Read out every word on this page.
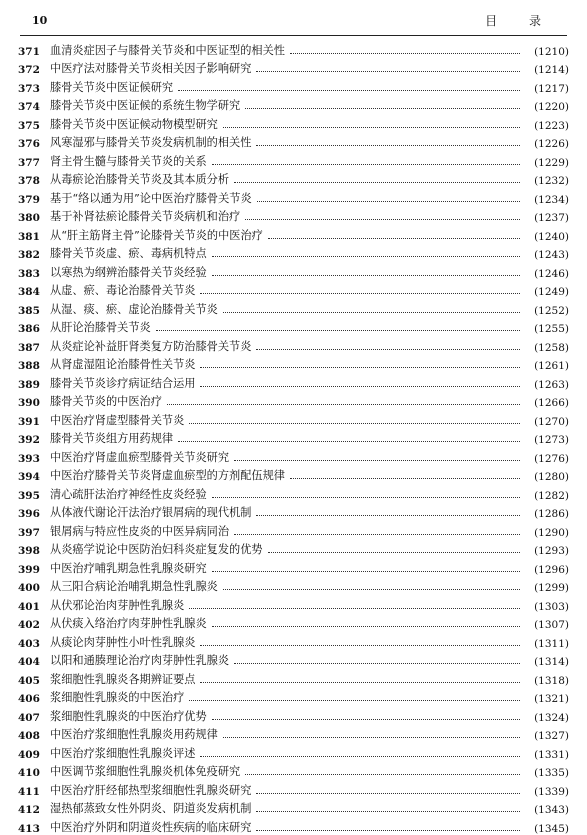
10	目 录
371 血清炎症因子与膝骨关节炎和中医证型的相关性	(1210)
372 中医疗法对膝骨关节炎相关因子影响研究	(1214)
373 膝骨关节炎中医证候研究	(1217)
374 膝骨关节炎中医证候的系统生物学研究	(1220)
375 膝骨关节炎中医证候动物模型研究	(1223)
376 风寒湿邪与膝骨关节炎发病机制的相关性	(1226)
377 肾主骨生髓与膝骨关节炎的关系	(1229)
378 从毒瘀论治膝骨关节炎及其本质分析	(1232)
379 基于“络以通为用”论中医治疗膝骨关节炎	(1234)
380 基于补肾祛瘀论膝骨关节炎病机和治疗	(1237)
381 从“肝主筋肾主骨”论膝骨关节炎的中医治疗	(1240)
382 膝骨关节炎虚、瘀、毒病机特点	(1243)
383 以寒热为纲辨治膝骨关节炎经验	(1246)
384 从虚、瘀、毒论治膝骨关节炎	(1249)
385 从湿、痰、瘀、虚论治膝骨关节炎	(1252)
386 从肝论治膝骨关节炎	(1255)
387 从炎症论补益肝肾类复方防治膝骨关节炎	(1258)
388 从肾虚湿阻论治膝骨性关节炎	(1261)
389 膝骨关节炎诊疗病证结合运用	(1263)
390 膝骨关节炎的中医治疗	(1266)
391 中医治疗肾虚型膝骨关节炎	(1270)
392 膝骨关节炎组方用药规律	(1273)
393 中医治疗肾虚血瘀型膝骨关节炎研究	(1276)
394 中医治疗膝骨关节炎肾虚血瘀型的方剂配伍规律	(1280)
395 清心疏肝法治疗神经性皮炎经验	(1282)
396 从体液代谢论汗法治疗银屑病的现代机制	(1286)
397 银屑病与特应性皮炎的中医异病同治	(1290)
398 从炎癌学说论中医防治妇科炎症复发的优势	(1293)
399 中医治疗哺乳期急性乳腺炎研究	(1296)
400 从三阳合病论治哺乳期急性乳腺炎	(1299)
401 从伏邪论治肉芽肿性乳腺炎	(1303)
402 从伏痰入络治疗肉芽肿性乳腺炎	(1307)
403 从痰论肉芽肿性小叶性乳腺炎	(1311)
404 以阳和通腠理论治疗肉芽肿性乳腺炎	(1314)
405 浆细胞性乳腺炎各期辨证要点	(1318)
406 浆细胞性乳腺炎的中医治疗	(1321)
407 浆细胞性乳腺炎的中医治疗优势	(1324)
408 中医治疗浆细胞性乳腺炎用药规律	(1327)
409 中医治疗浆细胞性乳腺炎评述	(1331)
410 中医调节浆细胞性乳腺炎机体免疫研究	(1335)
411 中医治疗肝经郁热型浆细胞性乳腺炎研究	(1339)
412 湿热郁蒸致女性外阴炎、阴道炎发病机制	(1343)
413 中医治疗外阴和阴道炎性疾病的临床研究	(1345)
